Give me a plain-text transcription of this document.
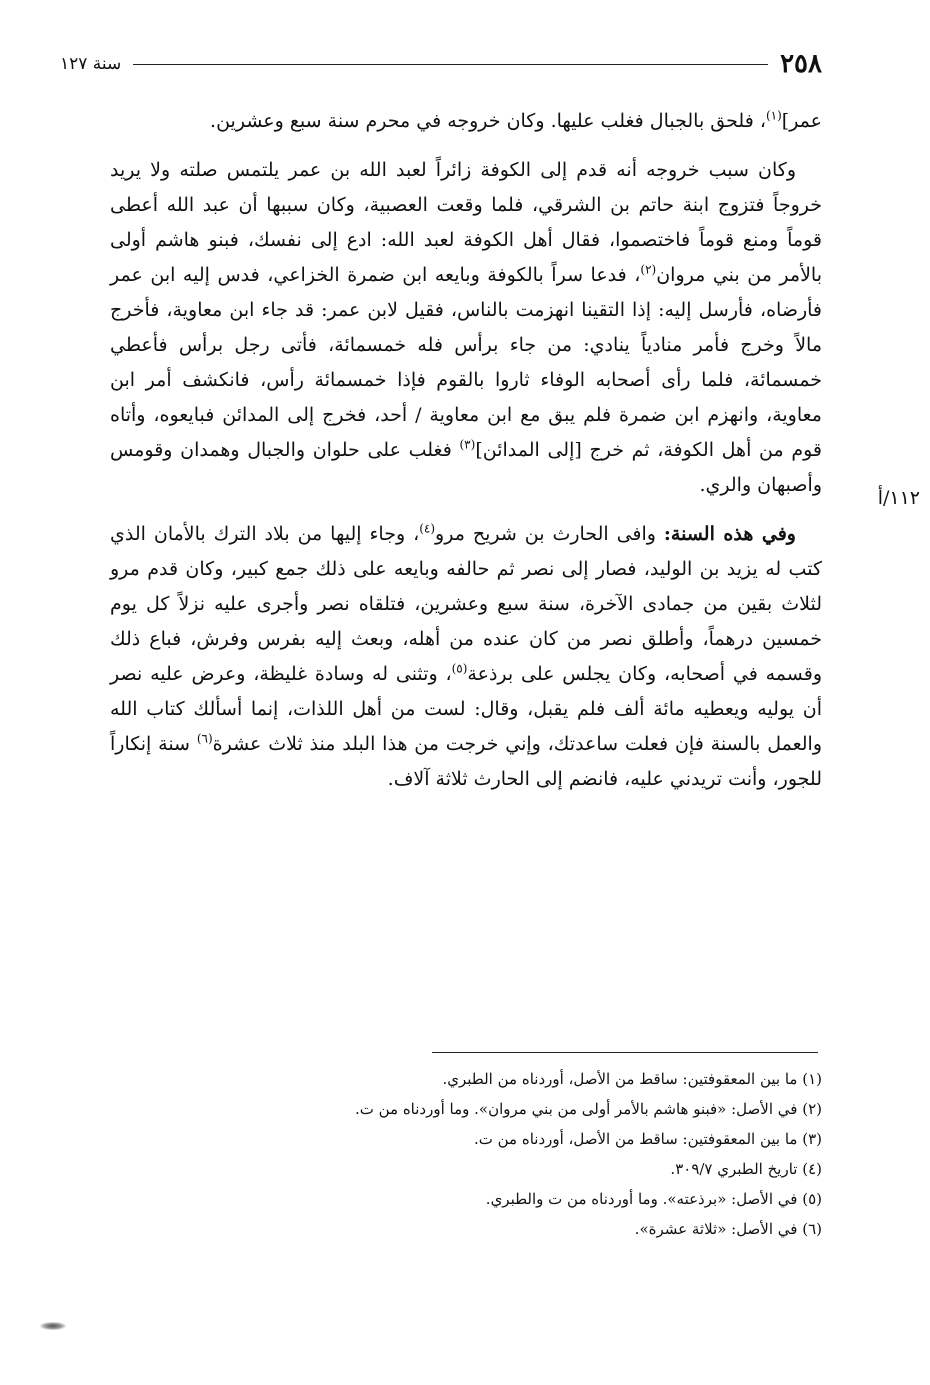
٢٥٨
سنة ١٢٧
١١٢/أ

عمر]$^{(١)}$، فلحق بالجبال فغلب عليها. وكان خروجه في محرم سنة سبع وعشرين.

وكان سبب خروجه أنه قدم إلى الكوفة زائراً لعبد الله بن عمر يلتمس صلته ولا يريد خروجاً فتزوج ابنة حاتم بن الشرقي، فلما وقعت العصبية، وكان سببها أن عبد الله أعطى قوماً ومنع قوماً فاختصموا، فقال أهل الكوفة لعبد الله: ادع إلى نفسك، فبنو هاشم أولى بالأمر من بني مروان$^{(٢)}$، فدعا سراً بالكوفة وبايعه ابن ضمرة الخزاعي، فدس إليه ابن عمر فأرضاه، فأرسل إليه: إذا التقينا انهزمت بالناس، فقيل لابن عمر: قد جاء ابن معاوية، فأخرج مالاً وخرج فأمر منادياً ينادي: من جاء برأس فله خمسمائة، فأتى رجل برأس فأعطي خمسمائة، فلما رأى أصحابه الوفاء ثاروا بالقوم فإذا خمسمائة رأس، فانكشف أمر ابن معاوية، وانهزم ابن ضمرة فلم يبق مع ابن معاوية / أحد، فخرج إلى المدائن فبايعوه، وأتاه قوم من أهل الكوفة، ثم خرج [إلى المدائن]$^{(٣)}$ فغلب على حلوان والجبال وهمدان وقومس وأصبهان والري.

وفي هذه السنة: وافى الحارث بن شريح مرو$^{(٤)}$، وجاء إليها من بلاد الترك بالأمان الذي كتب له يزيد بن الوليد، فصار إلى نصر ثم حالفه وبايعه على ذلك جمع كبير، وكان قدم مرو لثلاث بقين من جمادى الآخرة، سنة سبع وعشرين، فتلقاه نصر وأجرى عليه نزلاً كل يوم خمسين درهماً، وأطلق نصر من كان عنده من أهله، وبعث إليه بفرس وفرش، فباع ذلك وقسمه في أصحابه، وكان يجلس على برذعة$^{(٥)}$، وتثنى له وسادة غليظة، وعرض عليه نصر أن يوليه ويعطيه مائة ألف فلم يقبل، وقال: لست من أهل اللذات، إنما أسألك كتاب الله والعمل بالسنة فإن فعلت ساعدتك، وإني خرجت من هذا البلد منذ ثلاث عشرة$^{(٦)}$ سنة إنكاراً للجور، وأنت تريدني عليه، فانضم إلى الحارث ثلاثة آلاف.

(١) ما بين المعقوفتين: ساقط من الأصل، أوردناه من الطبري.

(٢) في الأصل: «فبنو هاشم بالأمر أولى من بني مروان». وما أوردناه من ت.

(٣) ما بين المعقوفتين: ساقط من الأصل، أوردناه من ت.

(٤) تاريخ الطبري ٣٠٩/٧.

(٥) في الأصل: «برذعته». وما أوردناه من ت والطبري.

(٦) في الأصل: «ثلاثة عشرة».
